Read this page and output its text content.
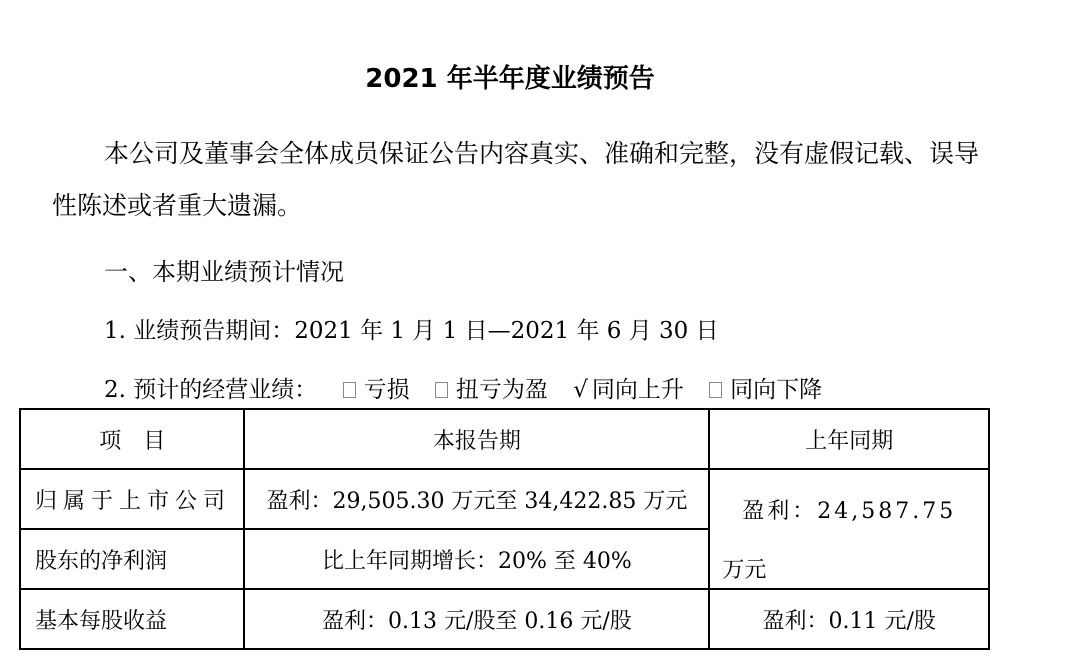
2021 年半年度业绩预告
本公司及董事会全体成员保证公告内容真实、准确和完整，没有虚假记载、误导性陈述或者重大遗漏。
一、本期业绩预计情况
1. 业绩预告期间：2021 年 1 月 1 日—2021 年 6 月 30 日
2. 预计的经营业绩： 亏损 扭亏为盈 √ 同向上升 同向下降
项　目	本报告期	上年同期
归属于上市公司	盈利：29,505.30 万元至 34,422.85 万元	盈利：24,587.75
万元

股东的净利润	比上年同期增长：20% 至 40%	
基本每股收益	盈利：0.13 元/股至 0.16 元/股	盈利：0.11 元/股
